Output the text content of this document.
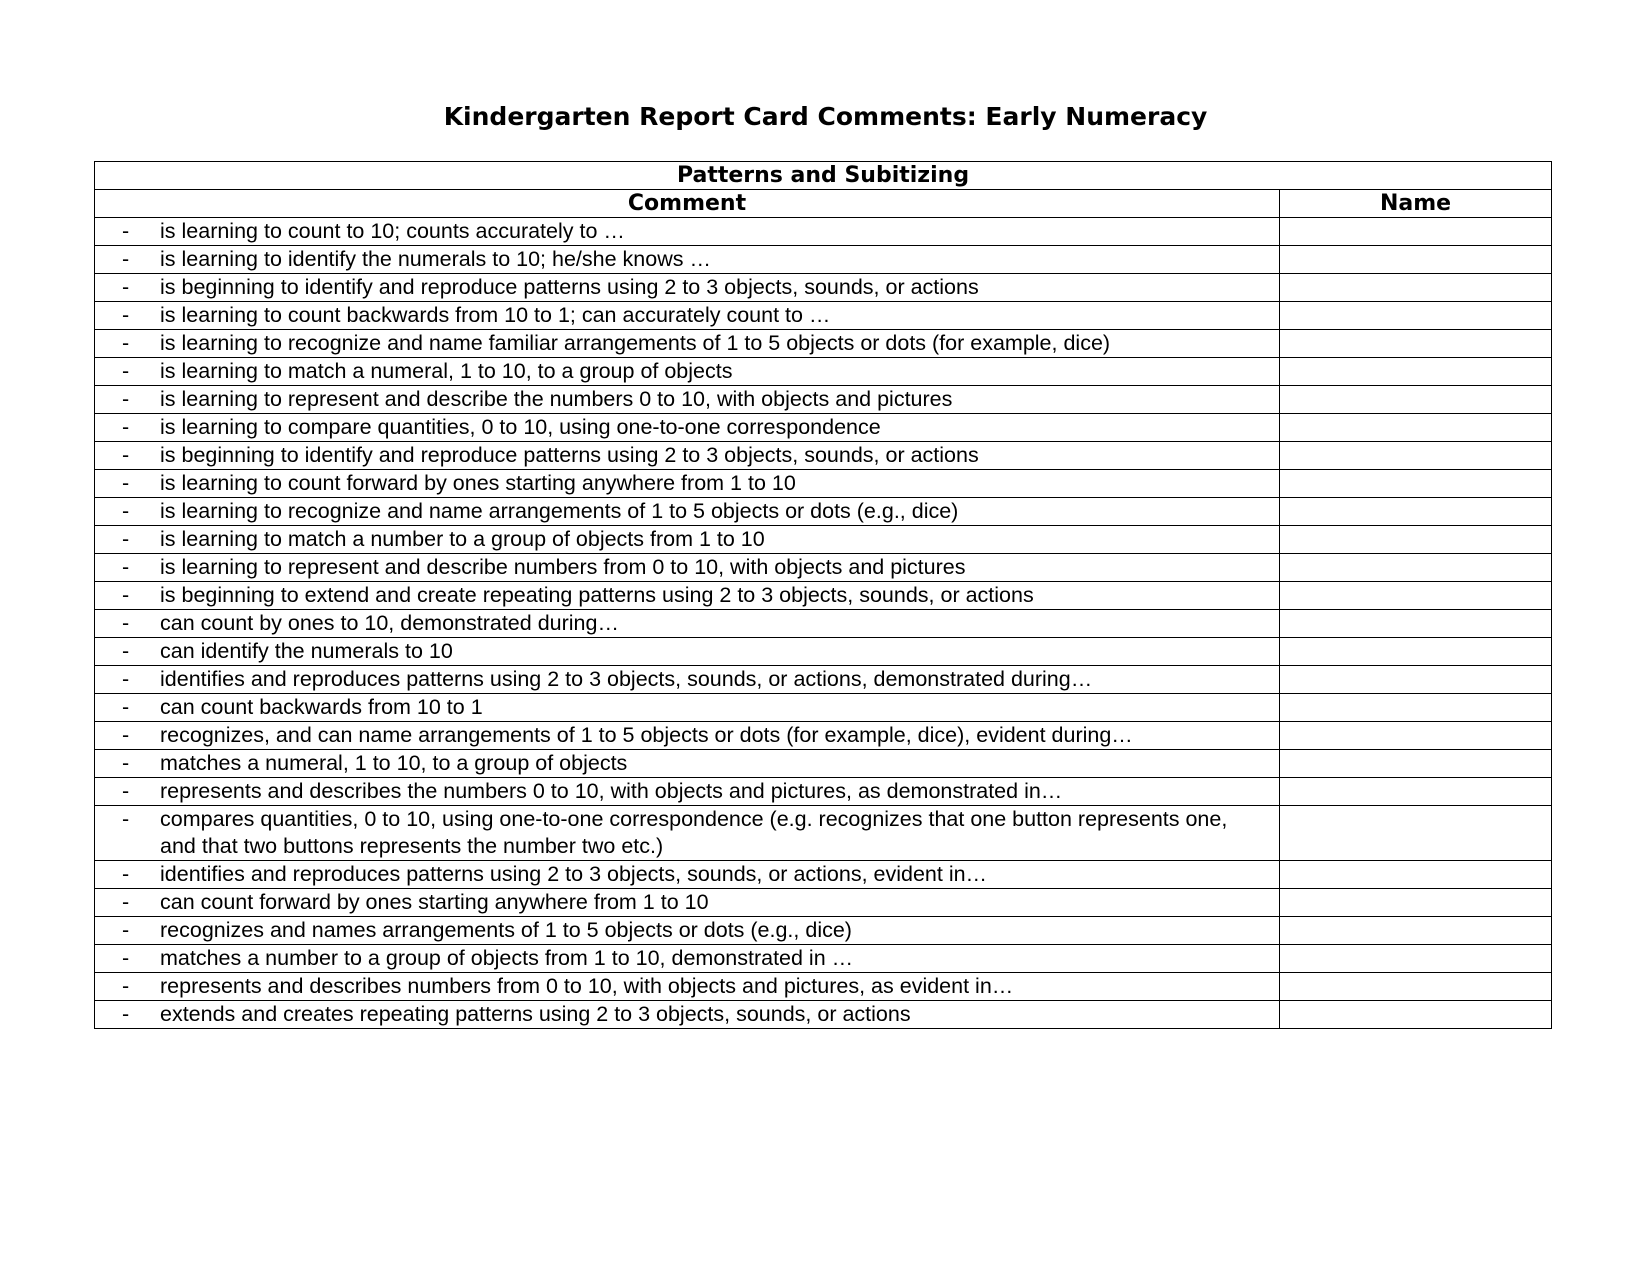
Kindergarten Report Card Comments: Early Numeracy
Patterns and Subitizing	
Comment	Name

- is learning to count to 10; counts accurately to …	

- is learning to identify the numerals to 10; he/she knows …	

- is beginning to identify and reproduce patterns using 2 to 3 objects, sounds, or actions	

- is learning to count backwards from 10 to 1; can accurately count to …	

- is learning to recognize and name familiar arrangements of 1 to 5 objects or dots (for example, dice)	

- is learning to match a numeral, 1 to 10, to a group of objects	

- is learning to represent and describe the numbers 0 to 10, with objects and pictures	

- is learning to compare quantities, 0 to 10, using one-to-one correspondence	

- is beginning to identify and reproduce patterns using 2 to 3 objects, sounds, or actions	

- is learning to count forward by ones starting anywhere from 1 to 10	

- is learning to recognize and name arrangements of 1 to 5 objects or dots (e.g., dice)	

- is learning to match a number to a group of objects from 1 to 10	

- is learning to represent and describe numbers from 0 to 10, with objects and pictures	

- is beginning to extend and create repeating patterns using 2 to 3 objects, sounds, or actions	

- can count by ones to 10, demonstrated during…	

- can identify the numerals to 10	

- identifies and reproduces patterns using 2 to 3 objects, sounds, or actions, demonstrated during…	

- can count backwards from 10 to 1	

- recognizes, and can name arrangements of 1 to 5 objects or dots (for example, dice), evident during…	

- matches a numeral, 1 to 10, to a group of objects	

- represents and describes the numbers 0 to 10, with objects and pictures, as demonstrated in…	

- compares quantities, 0 to 10, using one-to-one correspondence (e.g. recognizes that one button represents one, and that two buttons represents the number two etc.)	

- identifies and reproduces patterns using 2 to 3 objects, sounds, or actions, evident in…	

- can count forward by ones starting anywhere from 1 to 10	

- recognizes and names arrangements of 1 to 5 objects or dots (e.g., dice)	

- matches a number to a group of objects from 1 to 10, demonstrated in …	

- represents and describes numbers from 0 to 10, with objects and pictures, as evident in…	

- extends and creates repeating patterns using 2 to 3 objects, sounds, or actions	
